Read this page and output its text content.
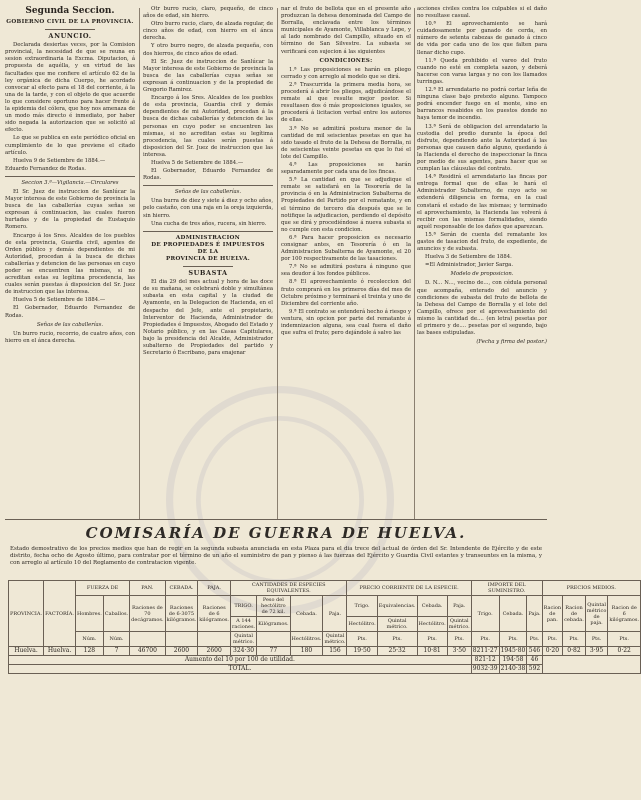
Segunda Seccion.
GOBIERNO CIVIL DE LA PROVINCIA.
ANUNCIO.

Declarada desiertas veces, por la Comision provincial, la necesidad de que se reuna en sesion extraordinaria la Excma. Diputacion, á propuesta de aquélla, y en virtud de las facultades que me confiere el artículo 62 de la ley orgánica de dicha Cuerpo, he acordado convocar al efecto para el 18 del corriente, á la una de la tarde, y con el objeto de que acuerde lo que considere oportuno para hacer frente á la epidemia del cólera, que hoy nos amenaza de un modo más directo é inmediato, por haber sido negada la autorizacion que se solicitó al efecto.

Lo que se publica en este periódico oficial en cumplimiento de lo que previene el citado artículo.

Huelva 9 de Setiembre de 1884.—

Eduardo Fernandez de Rodas.
Seccion 3.ª—Vigilancia.—Circulares

El Sr. Juez de instruccion de Sanlúcar la Mayor interesa de este Gobierno de provincia la busca de las caballerías cuyas señas se expresan á continuacion, las cuales fueron hurtadas y de la propiedad de Eustaquio Romero.

Encargo á los Sres. Alcaldes de los pueblos de esta provincia, Guardia civil, agentes de Orden público y demás dependientes de mi Autoridad, procedan á la busca de dichas caballerías y detencion de las personas en cuyo poder se encuentren las mismas, si no acreditan estas su legítima procedencia, las cuales serán puestas á disposicion del Sr. Juez de instruccion que las interesa.

Huelva 5 de Setiembre de 1884.—

El Gobernador, Eduardo Fernandez de Rodas.

Señas de las caballerías.

Un burro rucio, recorrio, de cuatro años, con hierro en el ánca derecha.

Otr burro rucio, claro, pequeño, de cinco años de edad, sin hierro.

Otro burro rucio, claro, de alzada regular, de cinco años de edad, con hierro en el ánca derecha.

Y otro burro negro, de alzada pequeña, con dos hierros, de cinco años de edad.

El Sr. Juez de instruccion de Sanlúcar la Mayor interesa de este Gobierno de provincia la busca de las caballerías cuyas señas se expresan á continuacion y de la propiedad de Gregorio Ramirez.

Encargo á los Sres. Alcaldes de los pueblos de esta provincia, Guardia civil y demás dependientes de mi Autoridad, procedan á la busca de dichas caballerías y detencion de las personas en cuyo poder se encuentren las mismas, si no acreditan estas su legítima procedencia, las cuales serán puestas á disposicion del Sr. Juez de instruccion que las interesa.

Huelva 5 de Setiembre de 1884.—

El Gobernador, Eduardo Fernandez de Rodas.

Señas de las caballerías.

Una burra de diez y siete á diez y ocho años, pelo castaño, con una raja en la oreja izquierda, sin hierro.

Una cucha de tres años, rucera, sin hierro.

ADMINISTRACION
DE PROPIEDADES É IMPUESTOS
DE LA
PROVINCIA DE HUELVA.
SUBASTA

El dia 29 del mes actual y hora de las doce de su mañana, se celebrará doble y simultánea subasta en esta capital y la ciudad de Ayamonte, en la Delegacion de Hacienda, en el despacho del Jefe, ante el propietario, Interventor de Hacienda, Administrador de Propiedades é Impuestos, Abogado del Estado y Notario público, y en las Casas Capitulares, bajo la presidencia del Alcalde, Administrador subalterno de Propiedades del partido y Secretario ó Escribano, para enajenar

nar el fruto de bellota que en el presente año produzcan la dehesa denominada del Campo de Borralla, enclavada entre los términos municipales de Ayamonte, Villablanca y Lepe, y al lado nombrado del Campillo, situado en el término de San Silvestre. La subasta se verificará con sujecion á las siguientes

CONDICIONES:

1.ª Las proposiciones se harán en pliego cerrado y con arreglo al modelo que se dirá.

2.ª Trascurrida la primera media hora, se procederá á abrir los pliegos, adjudicándose el remate al que resulte mejor postor. Si resultasen dos ó más proposiciones iguales, se procederá á licitacion verbal entre los autores de ellas.

3.ª No se admitirá postura menor de la cantidad de mil seiscientas pesetas en que ha sido tasado el fruto de la Dehesa de Borralla, ni de seiscientas veinte pesetas en que lo fué el lote del Campillo.

4.ª Las proposiciones se harán separadamente por cada una de los fincas.

5.ª La cantidad en que se adjudique el remate se satisfará en la Tesorería de la provincia ó en la Administracion Subalterna de Propiedades del Partido por el rematante, y en el término de tercero día después que se le notifique la adjudicacion, perdiendo el depósito que se dirá y procediéndose á nueva subasta si no cumple con esta condicion.

6.ª Para hacer proposicion es necesario consignar antes, en Tesorería ó en la Administracion Subalterna de Ayamonte, el 20 por 100 respectivamente de las tasaciones.

7.ª No se admitirá postura á ninguno que sea deudor á los fondos públicos.

8.ª El aprovechamiento ó recoleccion del fruto comprará en los primeros días del mes de Octubre próximo y terminará el treinta y uno de Diciembre del corriente año.

9.ª El contrato se entenderá hecho á riesgo y ventura, sin opcion por parte del rematante á indemnizacion alguna, sea cual fuera el daño que sufra el fruto; pero dejándole á salvo las

acciones civiles contra los culpables si el daño no resultase casual.

10.ª El aprovechamiento se hará cuidadosamente por ganado de cerda, en número de setenta cabezas de ganado á cinco de vida por cada uno de los que falten para llenar dicho cupo.

11.ª Queda prohibido el vareo del fruto cuando no esté en completa sazon, y deberá hacerse con varas largas y no con los llamados turringas.

12.ª El arrendatario no podrá cortar leña de ninguna clase bajo pretexto alguno. Tampoco podrá encender fuego en el monte, sino en barrancos resabidos en los puestos donde no haya temor de incendio.

13.ª Será de obligacion del arrendatario la custodia del predio durante la época del disfrute, dependiendo ante la Autoridad á las personas que causen daño alguno, quedando á la Hacienda el derecho de inspeccionar la finca por medio de sus agentes, para hacer que se cumplan las cláusulas del contrato.

14.ª Residirá el arrendatario las fincas por entrega formal que de ellas le hará el Administrador Subalterno, de cuyo acto se extenderá diligencia en forma, en la cual constará el estado de las mismas; y terminado el aprovechamiento, la Hacienda las volverá á recibir con las mismas formalidades, siendo aquél responsable de los daños que aparezcan.

15.ª Serán de cuenta del rematante los gastos de tasacion del fruto, de expediente, de anuncios y de subasta.

Huelva 3 de Setiembre de 1884.

=El Administrador, Javier Sarga.

Modelo de proposicion.

D. N... N..., vecino de..., con cédula personal que acompaña, enterado del anuncio y condiciones de subasta del fruto de bellota de la Dehesa del Campo de Borralla y el lote del Campillo, ofrece por el aprovechamiento del mismo la cantidad de.... (en letra) pesetas por el primero y de.... pesetas por el segundo, bajo las bases estipuladas.

(Fecha y firma del postor.)
COMISARÍA DE GUERRA DE HUELVA.
Estado demostrativo de los precios medios que han de regir en la segunda subasta anunciada en esta Plaza para el dia trece del actual de órden del Sr. Intendente de Ejército y de este distrito, fecha ocho de Agosto último, para contratar por el término de un año el suministro de pan y pienso á las fuerzas del Ejército y Guardia Civil estantes y transeuntes en la misma, y con arreglo al artículo 10 del Reglamento de contratacion vigente.
PROVINCIA.	FACTORÍA.	FUERZA DE		PAN.	CEBADA.	PAJA.	CANTIDADES DE ESPECIES EQUIVALENTES.				PRECIO CORRIENTE DE LA ESPECIE.				IMPORTE DEL SUMINISTRO.			PRECIOS MEDIOS.			
		Hombres.	Caballos.	Raciones de 70 decágramos.	Raciones de 6·3075 kilógramos.	Raciones de 6 kilógramos.	TRIGO.	Peso del hectólitro de 72 kil.	Cebada.	Paja.	Trigo.	Equivalencias.	Cebada.	Paja.	Trigo.	Cebada.	Paja.	Racion de pan.	Racion de cebada.	Quintal métrico de paja.	Racion de 6 kilógramos.
							A 144 raciones.	Kilógramos.			Hectólitro.	Quintal métrico.	Hectólitro.	Quintal métrico.							
		Núm.	Núm.				Quintal métrico.		Hectólitros.	Quintal métrico.	Pts.	Pts.	Pts.	Pts.	Pts.	Pts.	Pts.	Pts.	Pts.	Pts.	Pts.
Huelva.	Huelva.	128	7	46700	2600	2600	324·30	77	180	156	19·50	25·32	10·81	3·50	8211·27	1945·80	546	0·20	0·82	3·95	0·22
Aumento del 10 por 100 de utilidad.															821·12	194·58	46				
TOTAL.															9032·39	2140·38	592				
